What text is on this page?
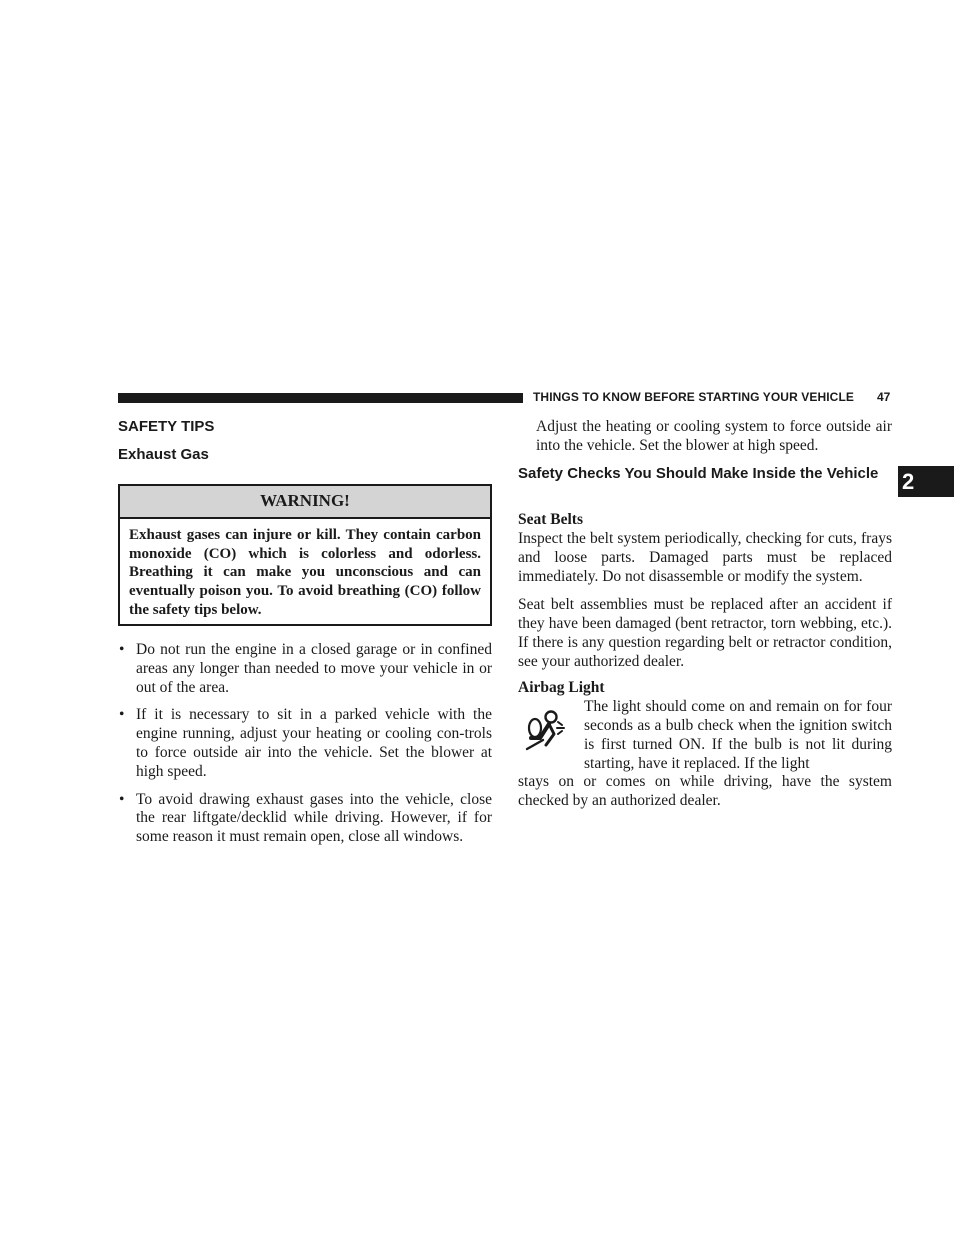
THINGS TO KNOW BEFORE STARTING YOUR VEHICLE 47
2
SAFETY TIPS
Exhaust Gas
WARNING!
Exhaust gases can injure or kill. They contain carbon monoxide (CO) which is colorless and odorless. Breathing it can make you unconscious and can eventually poison you. To avoid breathing (CO) follow the safety tips below.
• Do not run the engine in a closed garage or in confined areas any longer than needed to move your vehicle in or out of the area.
• If it is necessary to sit in a parked vehicle with the engine running, adjust your heating or cooling con-trols to force outside air into the vehicle. Set the blower at high speed.
• To avoid drawing exhaust gases into the vehicle, close the rear liftgate/decklid while driving. However, if for some reason it must remain open, close all windows.
Adjust the heating or cooling system to force outside air into the vehicle. Set the blower at high speed.
Safety Checks You Should Make Inside the Vehicle
Seat Belts
Inspect the belt system periodically, checking for cuts, frays and loose parts. Damaged parts must be replaced immediately. Do not disassemble or modify the system.
Seat belt assemblies must be replaced after an accident if they have been damaged (bent retractor, torn webbing, etc.). If there is any question regarding belt or retractor condition, see your authorized dealer.
Airbag Light
The light should come on and remain on for four seconds as a bulb check when the ignition switch is first turned ON. If the bulb is not lit during starting, have it replaced. If the light
stays on or comes on while driving, have the system checked by an authorized dealer.
